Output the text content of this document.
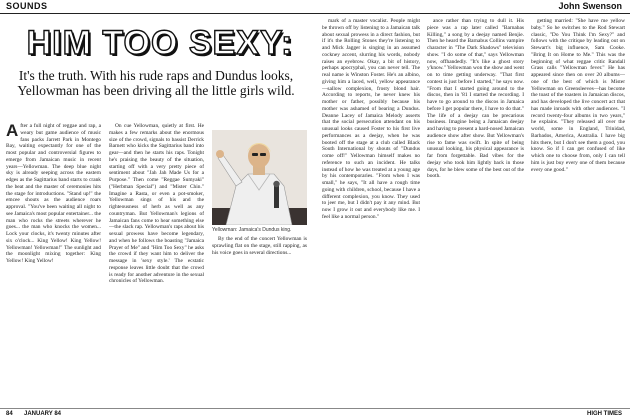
SOUNDS	John Swenson
HIM TOO SEXY:
It's the truth. With his rude raps and Dundus looks, Yellowman has been driving all the little girls wild.
A fter a full night of reggae and rap, a weary but game audience of music fans packs Jarrett Park in Montego Bay, waiting expectantly for one of the most popular and controversial figures to emerge from Jamaican music in recent years—Yellowman. The deep blue night sky is already seeping across the eastern edges as the Sagittarius band starts to crank the beat and the master of ceremonies hits the stage for introductions. "Stand up!" the emcee shouts as the audience roars approval. "You've been waiting all night to see Jamaica's most popular entertainer... the man who rocks the streets wherever he goes... the man who knocks the women... Lock your clocks, it's twenty minutes after six o'clock... King Yellow! King Yellow! Yellowman! Yellowman!" The sunlight and the moonlight mixing together: King Yellow! King Yellow!

On cue Yellowman, quietly at first. He makes a few remarks about the enormous size of the crowd, signals to bassist Derrick Barnett who kicks the Sagittarius band into gear—and then he starts his raps. Tonight he's praising the beauty of the situation, starting off with a very pretty piece of sentiment about "Jah Jah Made Us for a Purpose." Then come "Reggae Sumyaki" ("Herbman Special") and "Mister Chin." Imagine a Rasta, or even a pot-smoker, Yellowman sings of his and the righteousness of herb as well as any countryman. But Yellowman's legions of Jamaican fans come to hear something else—the slack rap. Yellowman's raps about his sexual prowess have become legendary, and when he follows the boasting "Jamaica Prayer of Me" and "Him Too Sexy" he asks the crowd if they want him to deliver the message in 'sexy style.' The ecstatic response leaves little doubt that the crowd is ready for another adventure in the sexual chronicles of Yellowman.

Yellowman: Jamaica's Dundus king.

By the end of the concert Yellowman is sprawling flat on the stage, still rapping, as his voice goes in several directions...

mark of a master vocalist. People might be thrown off by listening to a Jamaican talk about sexual prowess in a direct fashion, but if it's the Rolling Stones they're listening to and Mick Jagger is singing in an assumed cockney accent, slurring his words, nobody raises an eyebrow. Okay, a bit of history, perhaps apocryphal, you can never tell. The real name is Winston Foster. He's an albino, giving him a laced, well, yellow appearance—sallow complexion, frosty blond hair. According to reports, he never knew his mother or father, possibly because his mother was ashamed of bearing a Dundus. Deanne Lacey of Jamaica Melody asserts that the social persecution attendant on his unusual looks caused Foster to his first live performances as a deejay, when he was booted off the stage at a club called Black South International by shouts of "Dundus come off!" Yellowman himself makes no reference to such an incident. He talks instead of how he was treated at a young age by his contemporaries. "From when I was small," he says, "It all have a rough time going with children, school, because I have a different complexion, you know. They used to jeer me, but I didn't pay it any mind. But now I grow it out and everybody like me. I feel like a normal person."

ance rather than trying to dull it. His piece was a rap later called "Barnabas Killing," a song by a deejay named Benjie. Then he heard the Barnabus Collins vampire character in "The Dark Shadows" television show. "I do some of that," says Yellowman now, offhandedly. "It's like a ghost story y'know." Yellowman won the show and went on to time getting underway. "That first contest is just before I started," he says now. "From that I started going around to the discos, then in '81 I started the recording. I have to go around to the discos in Jamaica before I get popular there, I have to do that." The life of a deejay can be precarious business. Imagine being a Jamaican deejay and having to present a hard-nosed Jamaican audience show after show. But Yellowman's rise to fame was swift. In spite of being unusual looking, his physical appearance is far from forgettable. Bad vibes for the deejay who took him lightly back in those days, for he blew some of the best out of the booth.

getting married: "She have me yellow baby." So he switches to the Rod Stewart classic, "Do You Think I'm Sexy?" and follows with the critique by leading out on Stewart's big influence, Sam Cooke. "Bring It on Home to Me." This was the beginning of what reggae critic Randall Grass calls "Yellowman fever." He has appeared since then on over 20 albums—one of the best of which is Mister Yellowman on Greensleeves—has become the toast of the toasters in Jamaican discos, and has developed the live concert act that has made inroads with other audiences. "I record twenty-four albums in two years," he explains. "They released all over the world, some in England, Trinidad, Barbados, America, Australia. I have big hits there, but I don't see them a good, you know. So if I can get confused of like which one to choose from, only I can tell him is just buy every one of them because every one good."

84 JANUARY 84	HIGH TIMES
